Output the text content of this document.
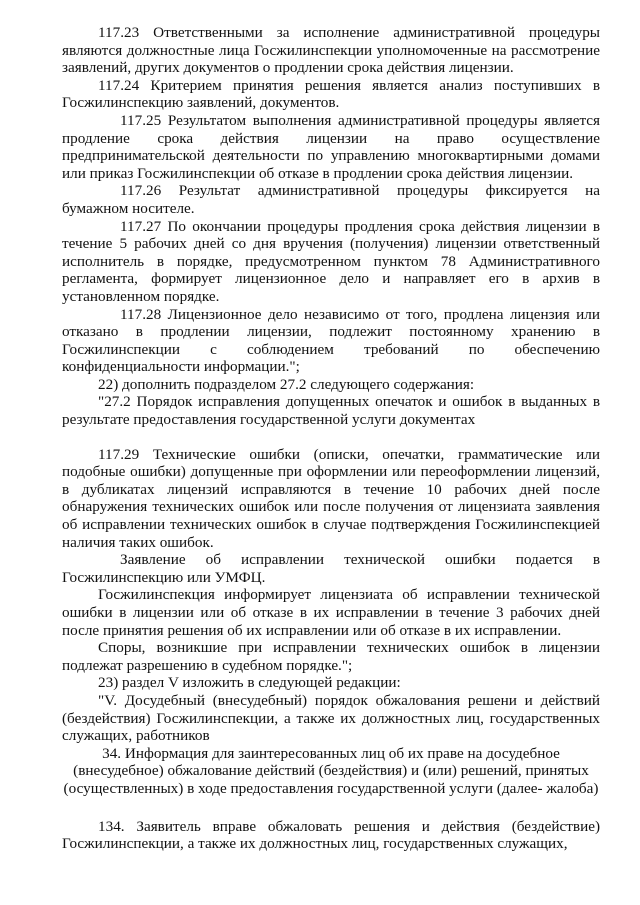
117.23 Ответственными за исполнение административной процедуры являются должностные лица Госжилинспекции уполномоченные на рассмотрение заявлений, других документов о продлении срока действия лицензии.

117.24 Критерием принятия решения является анализ поступивших в Госжилинспекцию заявлений, документов.

117.25 Результатом выполнения административной процедуры является продление срока действия лицензии на право осуществление предпринимательской деятельности по управлению многоквартирными домами или приказ Госжилинспекции об отказе в продлении срока действия лицензии.

117.26 Результат административной процедуры фиксируется на бумажном носителе.

117.27 По окончании процедуры продления срока действия лицензии в течение 5 рабочих дней со дня вручения (получения) лицензии ответственный исполнитель в порядке, предусмотренном пунктом 78 Административного регламента, формирует лицензионное дело и направляет его в архив в установленном порядке.

117.28 Лицензионное дело независимо от того, продлена лицензия или отказано в продлении лицензии, подлежит постоянному хранению в Госжилинспекции с соблюдением требований по обеспечению конфиденциальности информации.";

22) дополнить подразделом 27.2 следующего содержания:

"27.2 Порядок исправления допущенных опечаток и ошибок в выданных в результате предоставления государственной услуги документах

117.29 Технические ошибки (описки, опечатки, грамматические или подобные ошибки) допущенные при оформлении или переоформлении лицензий, в дубликатах лицензий исправляются в течение 10 рабочих дней после обнаружения технических ошибок или после получения от лицензиата заявления об исправлении технических ошибок в случае подтверждения Госжилинспекцией наличия таких ошибок.

Заявление об исправлении технической ошибки подается в Госжилинспекцию или УМФЦ.

Госжилинспекция информирует лицензиата об исправлении технической ошибки в лицензии или об отказе в их исправлении в течение 3 рабочих дней после принятия решения об их исправлении или об отказе в их исправлении.

Споры, возникшие при исправлении технических ошибок в лицензии подлежат разрешению в судебном порядке.";

23) раздел V изложить в следующей редакции:

"V. Досудебный (внесудебный) порядок обжалования решени и действий (бездействия) Госжилинспекции, а также их должностных лиц, государственных служащих, работников

34. Информация для заинтересованных лиц об их праве на досудебное (внесудебное) обжалование действий (бездействия) и (или) решений, принятых (осуществленных) в ходе предоставления государственной услуги (далее- жалоба)

134. Заявитель вправе обжаловать решения и действия (бездействие) Госжилинспекции, а также их должностных лиц, государственных служащих,
